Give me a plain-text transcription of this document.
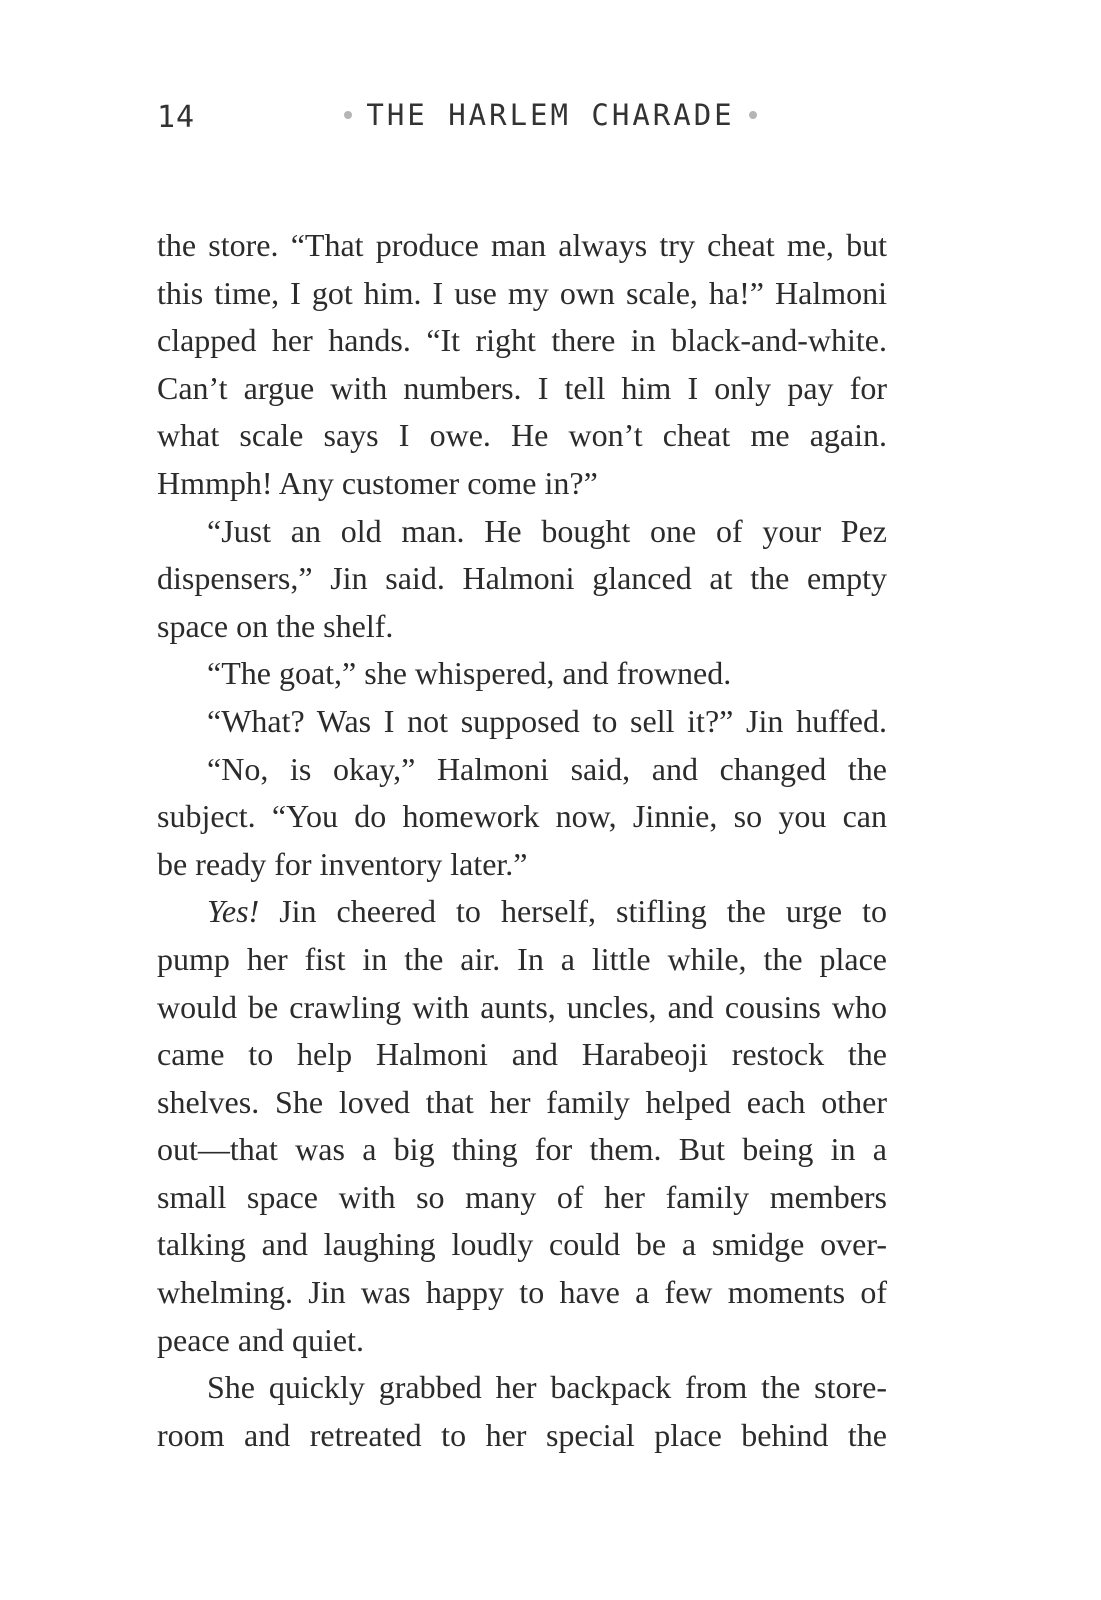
14	THE HARLEM CHARADE

the store. “That produce man always try cheat me, but

this time, I got him. I use my own scale, ha!” Halmoni

clapped her hands. “It right there in black-and-white.

Can’t argue with numbers. I tell him I only pay for

what scale says I owe. He won’t cheat me again.

Hmmph! Any customer come in?”

“Just an old man. He bought one of your Pez

dispensers,” Jin said. Halmoni glanced at the empty

space on the shelf.

“The goat,” she whispered, and frowned.

“What? Was I not supposed to sell it?” Jin huffed.

“No, is okay,” Halmoni said, and changed the

subject. “You do homework now, Jinnie, so you can

be ready for inventory later.”

Yes! Jin cheered to herself, stifling the urge to

pump her fist in the air. In a little while, the place

would be crawling with aunts, uncles, and cousins who

came to help Halmoni and Harabeoji restock the

shelves. She loved that her family helped each other

out—that was a big thing for them. But being in a

small space with so many of her family members

talking and laughing loudly could be a smidge over-

whelming. Jin was happy to have a few moments of

peace and quiet.

She quickly grabbed her backpack from the store-

room and retreated to her special place behind the
